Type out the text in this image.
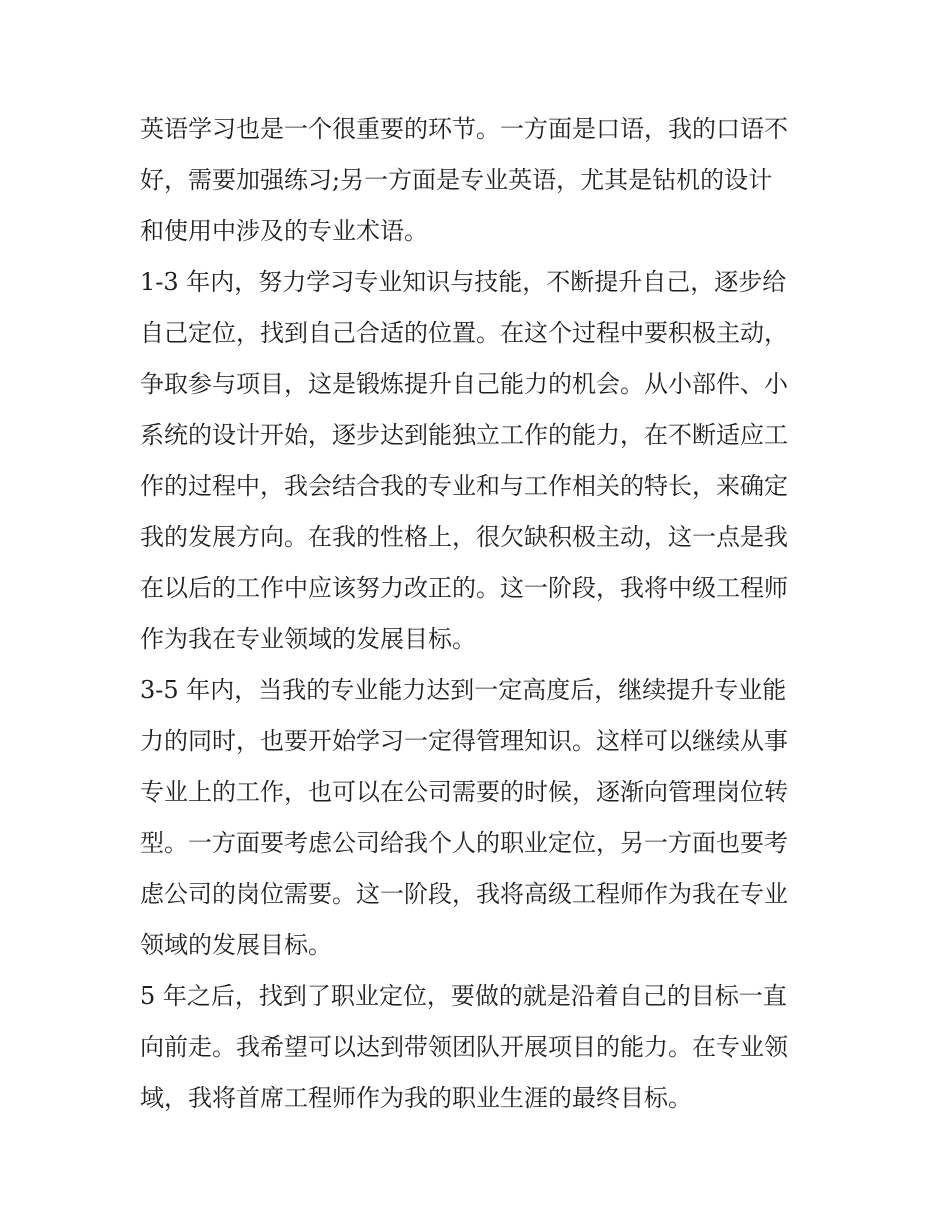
英语学习也是一个很重要的环节。一方面是口语，我的口语不

好，需要加强练习;另一方面是专业英语，尤其是钻机的设计

和使用中涉及的专业术语。

1-3 年内，努力学习专业知识与技能，不断提升自己，逐步给

自己定位，找到自己合适的位置。在这个过程中要积极主动，

争取参与项目，这是锻炼提升自己能力的机会。从小部件、小

系统的设计开始，逐步达到能独立工作的能力，在不断适应工

作的过程中，我会结合我的专业和与工作相关的特长，来确定

我的发展方向。在我的性格上，很欠缺积极主动，这一点是我

在以后的工作中应该努力改正的。这一阶段，我将中级工程师

作为我在专业领域的发展目标。

3-5 年内，当我的专业能力达到一定高度后，继续提升专业能

力的同时，也要开始学习一定得管理知识。这样可以继续从事

专业上的工作，也可以在公司需要的时候，逐渐向管理岗位转

型。一方面要考虑公司给我个人的职业定位，另一方面也要考

虑公司的岗位需要。这一阶段，我将高级工程师作为我在专业

领域的发展目标。

5 年之后，找到了职业定位，要做的就是沿着自己的目标一直

向前走。我希望可以达到带领团队开展项目的能力。在专业领

域，我将首席工程师作为我的职业生涯的最终目标。
